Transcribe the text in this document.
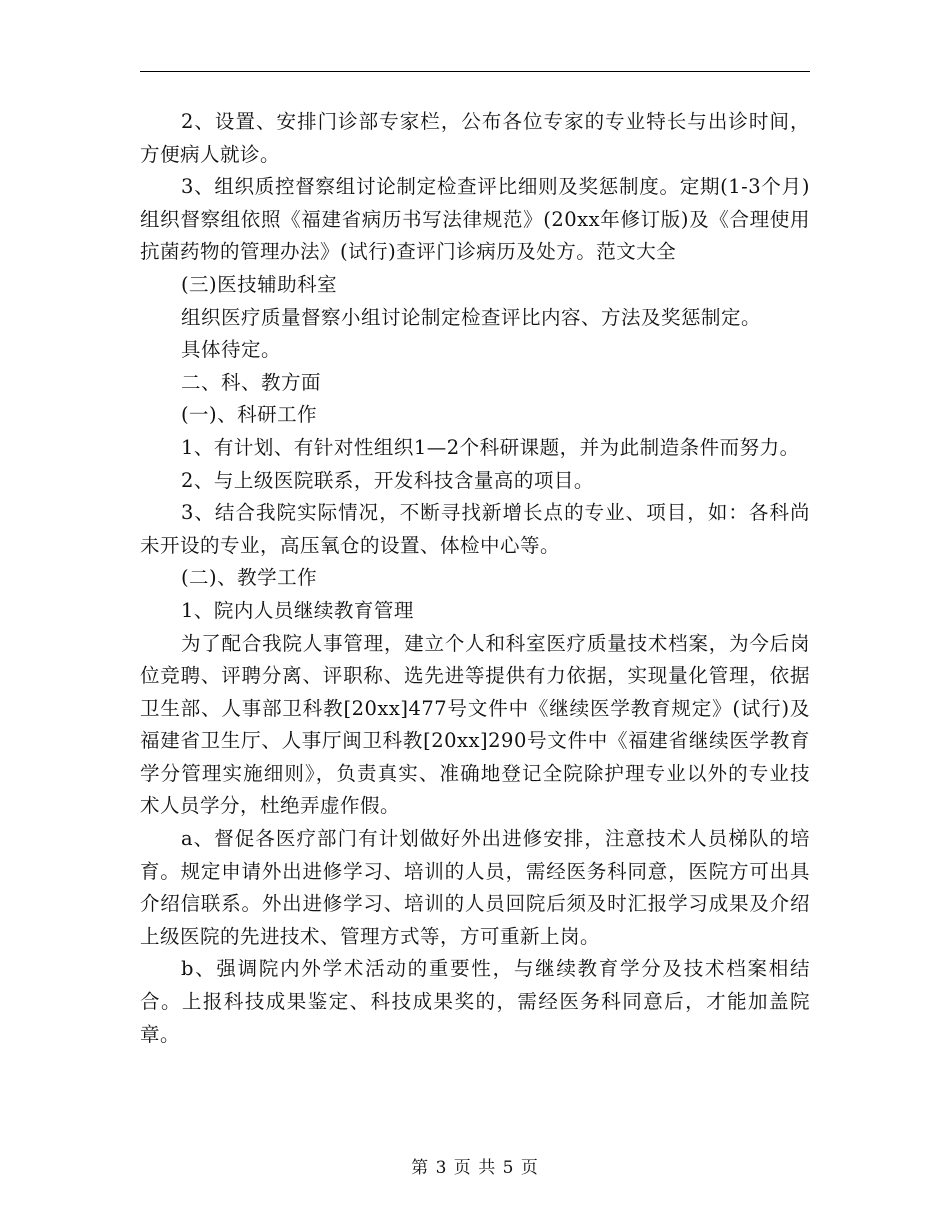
2、设置、安排门诊部专家栏，公布各位专家的专业特长与出诊时间，方便病人就诊。

3、组织质控督察组讨论制定检查评比细则及奖惩制度。定期(1-3个月)组织督察组依照《福建省病历书写法律规范》(20xx年修订版)及《合理使用抗菌药物的管理办法》(试行)查评门诊病历及处方。范文大全

(三)医技辅助科室

组织医疗质量督察小组讨论制定检查评比内容、方法及奖惩制定。

具体待定。

二、科、教方面

(一)、科研工作

1、有计划、有针对性组织1—2个科研课题，并为此制造条件而努力。

2、与上级医院联系，开发科技含量高的项目。

3、结合我院实际情况，不断寻找新增长点的专业、项目，如：各科尚未开设的专业，高压氧仓的设置、体检中心等。

(二)、教学工作

1、院内人员继续教育管理

为了配合我院人事管理，建立个人和科室医疗质量技术档案，为今后岗位竞聘、评聘分离、评职称、选先进等提供有力依据，实现量化管理，依据卫生部、人事部卫科教[20xx]477号文件中《继续医学教育规定》(试行)及福建省卫生厅、人事厅闽卫科教[20xx]290号文件中《福建省继续医学教育学分管理实施细则》，负责真实、准确地登记全院除护理专业以外的专业技术人员学分，杜绝弄虚作假。

a、督促各医疗部门有计划做好外出进修安排，注意技术人员梯队的培育。规定申请外出进修学习、培训的人员，需经医务科同意，医院方可出具介绍信联系。外出进修学习、培训的人员回院后须及时汇报学习成果及介绍上级医院的先进技术、管理方式等，方可重新上岗。

b、强调院内外学术活动的重要性，与继续教育学分及技术档案相结合。上报科技成果鉴定、科技成果奖的，需经医务科同意后，才能加盖院章。

第 3 页 共 5 页
